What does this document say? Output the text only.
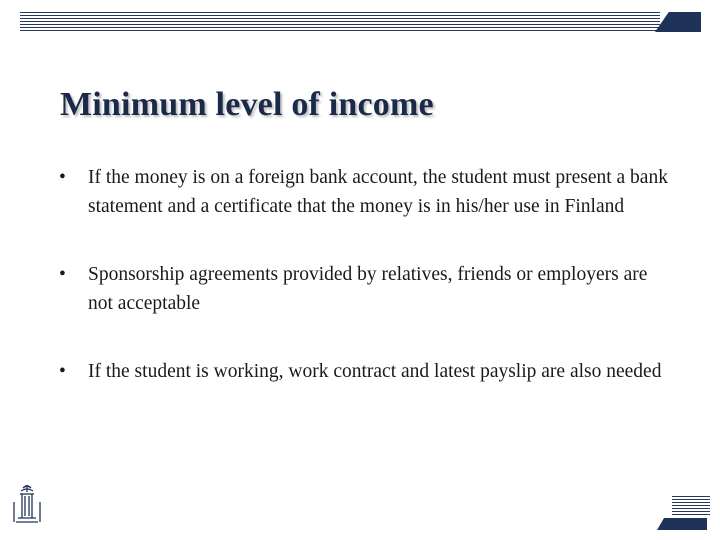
Minimum level of income
• If the money is on a foreign bank account, the student must present a bank statement and a certificate that the money is in his/her use in Finland
• Sponsorship agreements provided by relatives, friends or employers are not acceptable
• If the student is working, work contract and latest payslip are also needed
